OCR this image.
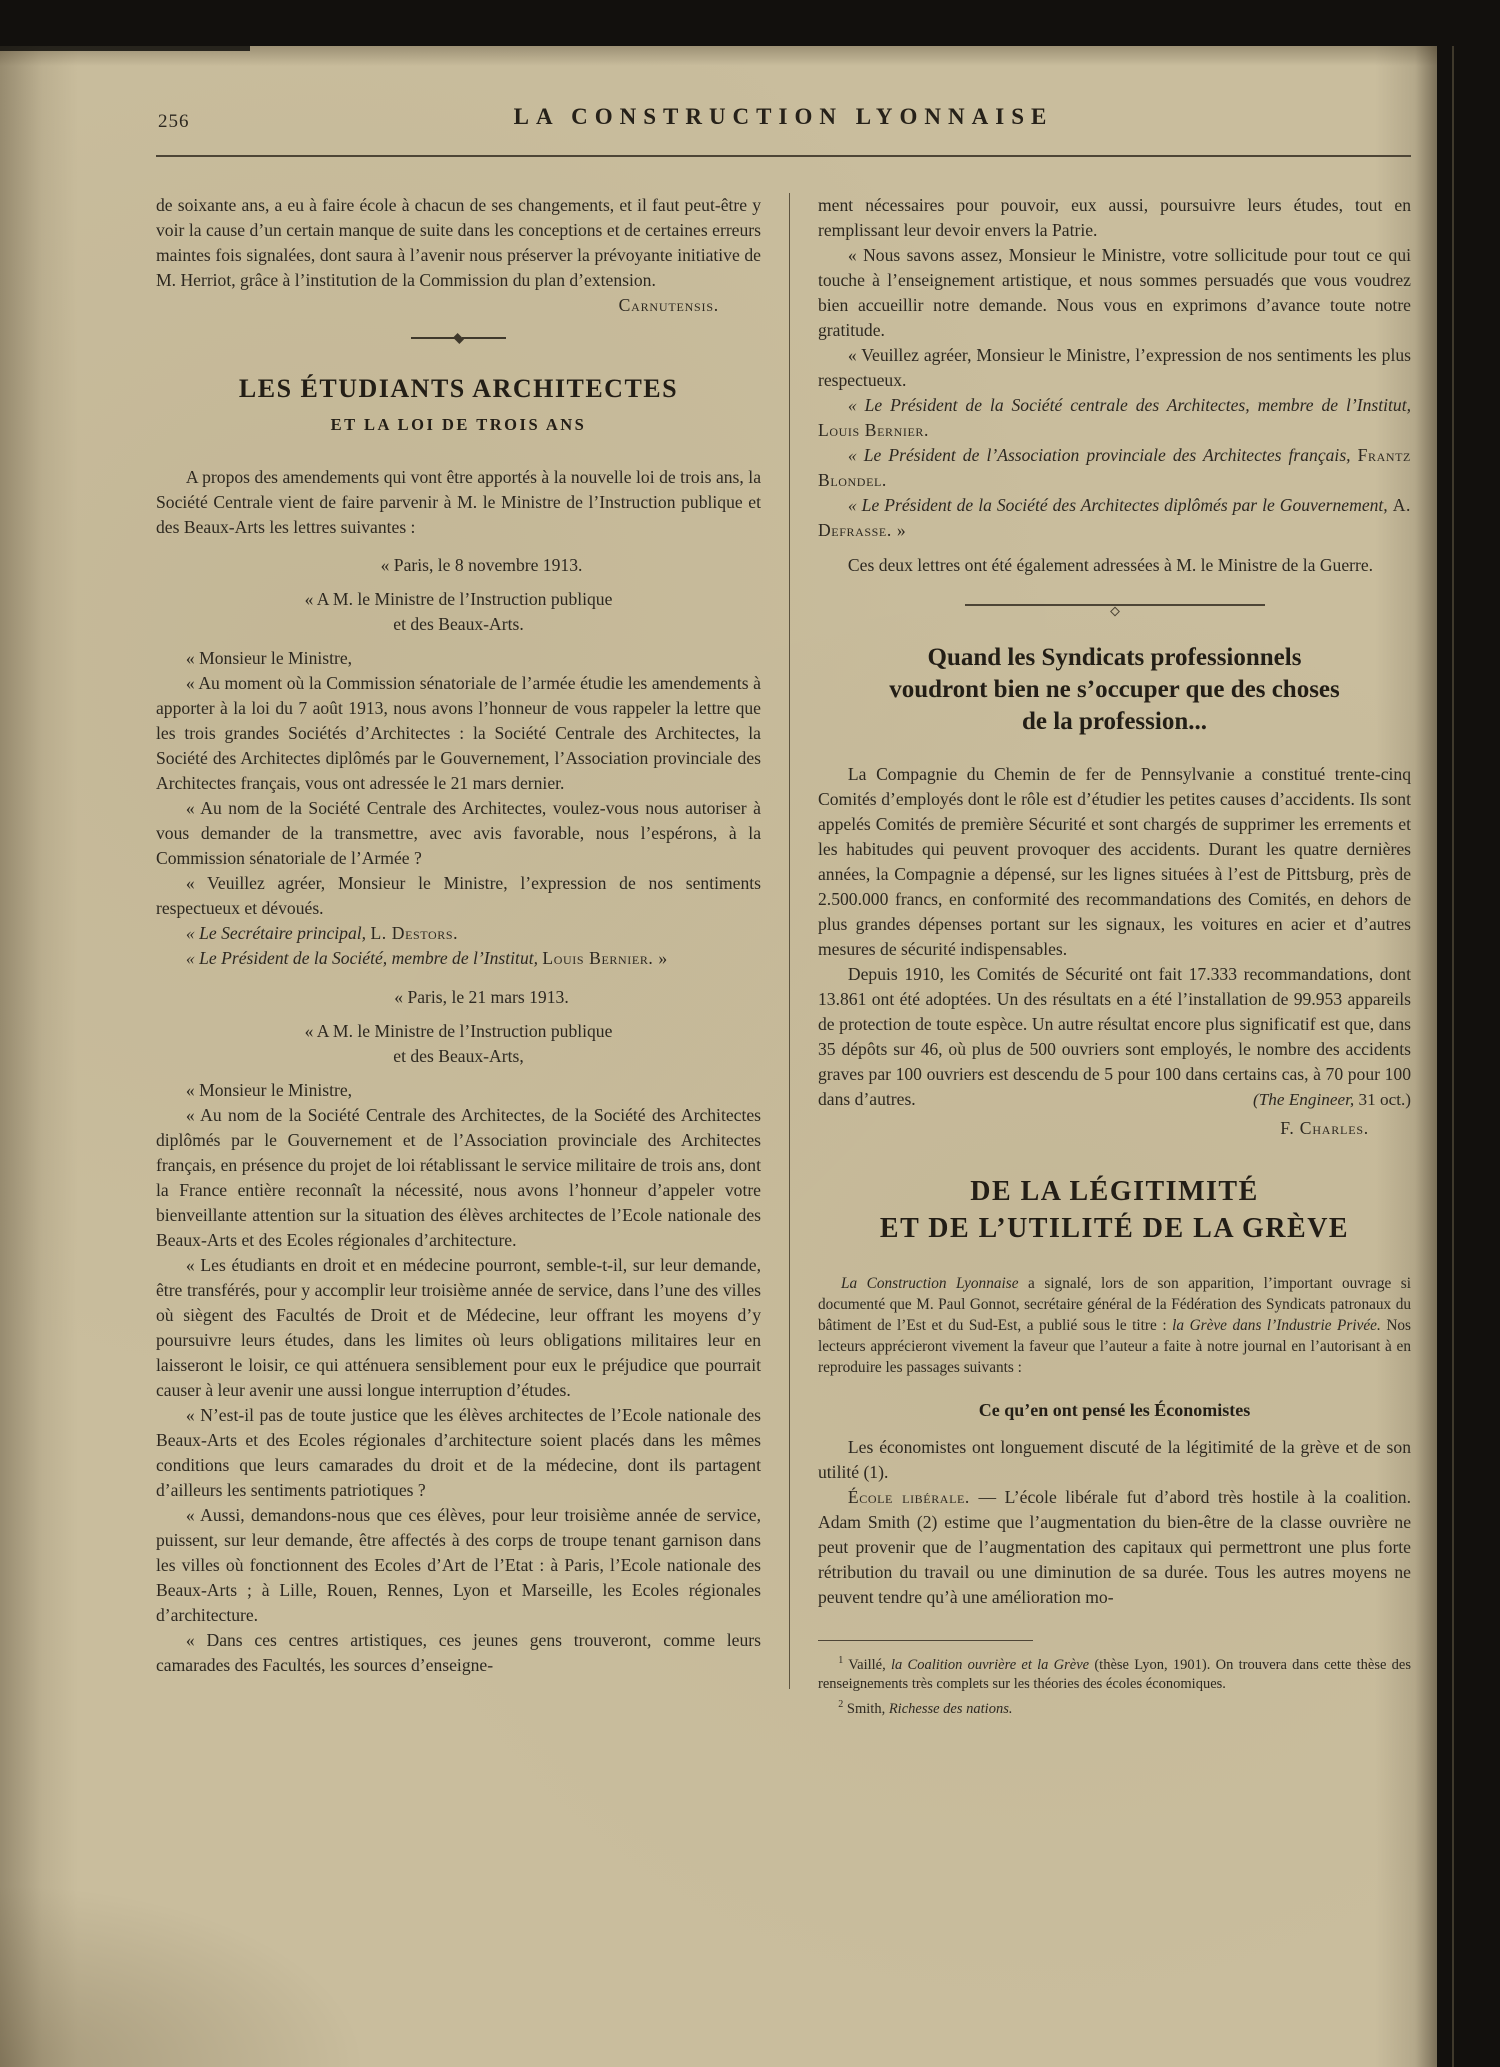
256	LA CONSTRUCTION LYONNAISE

de soixante ans, a eu à faire école à chacun de ses changements, et il faut peut-être y voir la cause d’un certain manque de suite dans les conceptions et de certaines erreurs maintes fois signalées, dont saura à l’avenir nous préserver la prévoyante initiative de M. Herriot, grâce à l’institution de la Commission du plan d’extension.

Carnutensis.
LES ÉTUDIANTS ARCHITECTES
ET LA LOI DE TROIS ANS

A propos des amendements qui vont être apportés à la nouvelle loi de trois ans, la Société Centrale vient de faire parvenir à M. le Ministre de l’Instruction publique et des Beaux-Arts les lettres suivantes :

« Paris, le 8 novembre 1913.
« A M. le Ministre de l’Instruction publique
et des Beaux-Arts.

« Monsieur le Ministre,

« Au moment où la Commission sénatoriale de l’armée étudie les amendements à apporter à la loi du 7 août 1913, nous avons l’honneur de vous rappeler la lettre que les trois grandes Sociétés d’Architectes : la Société Centrale des Architectes, la Société des Architectes diplômés par le Gouvernement, l’Association provinciale des Architectes français, vous ont adressée le 21 mars dernier.

« Au nom de la Société Centrale des Architectes, voulez-vous nous autoriser à vous demander de la transmettre, avec avis favorable, nous l’espérons, à la Commission sénatoriale de l’Armée ?

« Veuillez agréer, Monsieur le Ministre, l’expression de nos sentiments respectueux et dévoués.

« Le Secrétaire principal, L. Destors.

« Le Président de la Société, membre de l’Institut, Louis Bernier. »

« Paris, le 21 mars 1913.
« A M. le Ministre de l’Instruction publique
et des Beaux-Arts,

« Monsieur le Ministre,

« Au nom de la Société Centrale des Architectes, de la Société des Architectes diplômés par le Gouvernement et de l’Association provinciale des Architectes français, en présence du projet de loi rétablissant le service militaire de trois ans, dont la France entière reconnaît la nécessité, nous avons l’honneur d’appeler votre bienveillante attention sur la situation des élèves architectes de l’Ecole nationale des Beaux-Arts et des Ecoles régionales d’architecture.

« Les étudiants en droit et en médecine pourront, semble-t-il, sur leur demande, être transférés, pour y accomplir leur troisième année de service, dans l’une des villes où siègent des Facultés de Droit et de Médecine, leur offrant les moyens d’y poursuivre leurs études, dans les limites où leurs obligations militaires leur en laisseront le loisir, ce qui atténuera sensiblement pour eux le préjudice que pourrait causer à leur avenir une aussi longue interruption d’études.

« N’est-il pas de toute justice que les élèves architectes de l’Ecole nationale des Beaux-Arts et des Ecoles régionales d’architecture soient placés dans les mêmes conditions que leurs camarades du droit et de la médecine, dont ils partagent d’ailleurs les sentiments patriotiques ?

« Aussi, demandons-nous que ces élèves, pour leur troisième année de service, puissent, sur leur demande, être affectés à des corps de troupe tenant garnison dans les villes où fonctionnent des Ecoles d’Art de l’Etat : à Paris, l’Ecole nationale des Beaux-Arts ; à Lille, Rouen, Rennes, Lyon et Marseille, les Ecoles régionales d’architecture.

« Dans ces centres artistiques, ces jeunes gens trouveront, comme leurs camarades des Facultés, les sources d’enseigne-

ment nécessaires pour pouvoir, eux aussi, poursuivre leurs études, tout en remplissant leur devoir envers la Patrie.

« Nous savons assez, Monsieur le Ministre, votre sollicitude pour tout ce qui touche à l’enseignement artistique, et nous sommes persuadés que vous voudrez bien accueillir notre demande. Nous vous en exprimons d’avance toute notre gratitude.

« Veuillez agréer, Monsieur le Ministre, l’expression de nos sentiments les plus respectueux.

« Le Président de la Société centrale des Architectes, membre de l’Institut, Louis Bernier.

« Le Président de l’Association provinciale des Architectes français, Frantz Blondel.

« Le Président de la Société des Architectes diplômés par le Gouvernement, A. Defrasse. »

Ces deux lettres ont été également adressées à M. le Ministre de la Guerre.

Quand les Syndicats professionnels
voudront bien ne s’occuper que des choses
de la profession...

La Compagnie du Chemin de fer de Pennsylvanie a constitué trente-cinq Comités d’employés dont le rôle est d’étudier les petites causes d’accidents. Ils sont appelés Comités de première Sécurité et sont chargés de supprimer les errements et les habitudes qui peuvent provoquer des accidents. Durant les quatre dernières années, la Compagnie a dépensé, sur les lignes situées à l’est de Pittsburg, près de 2.500.000 francs, en conformité des recommandations des Comités, en dehors de plus grandes dépenses portant sur les signaux, les voitures en acier et d’autres mesures de sécurité indispensables.

Depuis 1910, les Comités de Sécurité ont fait 17.333 recommandations, dont 13.861 ont été adoptées. Un des résultats en a été l’installation de 99.953 appareils de protection de toute espèce. Un autre résultat encore plus significatif est que, dans 35 dépôts sur 46, où plus de 500 ouvriers sont employés, le nombre des accidents graves par 100 ouvriers est descendu de 5 pour 100 dans certains cas, à 70 pour 100 dans d’autres.	(The Engineer, 31 oct.)

F. Charles.
DE LA LÉGITIMITÉ
ET DE L’UTILITÉ DE LA GRÈVE

La Construction Lyonnaise a signalé, lors de son apparition, l’important ouvrage si documenté que M. Paul Gonnot, secrétaire général de la Fédération des Syndicats patronaux du bâtiment de l’Est et du Sud-Est, a publié sous le titre : la Grève dans l’Industrie Privée. Nos lecteurs apprécieront vivement la faveur que l’auteur a faite à notre journal en l’autorisant à en reproduire les passages suivants :

Ce qu’en ont pensé les Économistes

Les économistes ont longuement discuté de la légitimité de la grève et de son utilité (1).

École libérale. — L’école libérale fut d’abord très hostile à la coalition. Adam Smith (2) estime que l’augmentation du bien-être de la classe ouvrière ne peut provenir que de l’augmentation des capitaux qui permettront une plus forte rétribution du travail ou une diminution de sa durée. Tous les autres moyens ne peuvent tendre qu’à une amélioration mo-

$^1$ Vaillé, la Coalition ouvrière et la Grève (thèse Lyon, 1901). On trouvera dans cette thèse des renseignements très complets sur les théories des écoles économiques.

$^2$ Smith, Richesse des nations.
